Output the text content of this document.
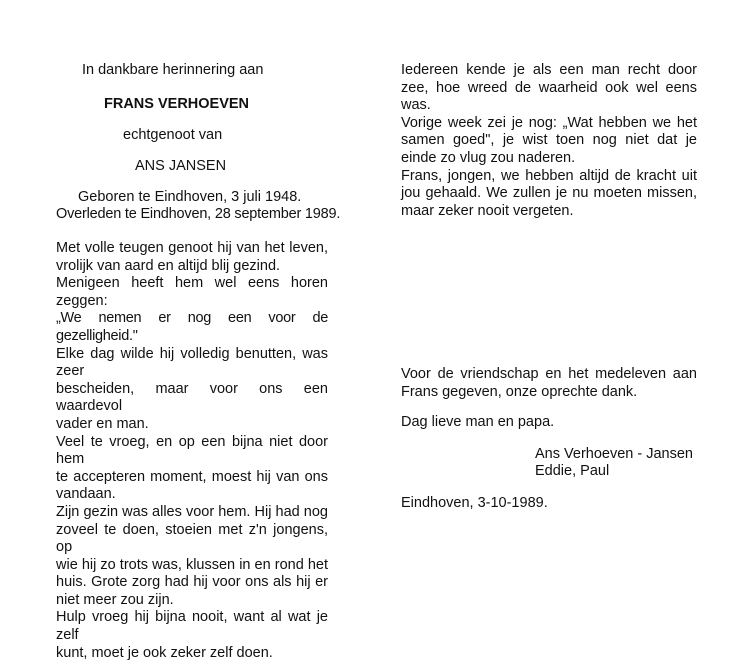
In dankbare herinnering aan
FRANS VERHOEVEN
echtgenoot van
ANS JANSEN
Geboren te Eindhoven, 3 juli 1948.
Overleden te Eindhoven, 28 september 1989.
Met volle teugen genoot hij van het leven,
vrolijk van aard en altijd blij gezind.
Menigeen heeft hem wel eens horen zeggen:
„We nemen er nog een voor de gezelligheid."
Elke dag wilde hij volledig benutten, was zeer
bescheiden, maar voor ons een waardevol
vader en man.
Veel te vroeg, en op een bijna niet door hem
te accepteren moment, moest hij van ons
vandaan.
Zijn gezin was alles voor hem. Hij had nog
zoveel te doen, stoeien met z'n jongens, op
wie hij zo trots was, klussen in en rond het
huis. Grote zorg had hij voor ons als hij er
niet meer zou zijn.
Hulp vroeg hij bijna nooit, want al wat je zelf
kunt, moet je ook zeker zelf doen.
Iedereen kende je als een man recht door
zee, hoe wreed de waarheid ook wel eens
was.
Vorige week zei je nog: „Wat hebben we het
samen goed", je wist toen nog niet dat je
einde zo vlug zou naderen.
Frans, jongen, we hebben altijd de kracht uit
jou gehaald. We zullen je nu moeten missen,
maar zeker nooit vergeten.
Voor de vriendschap en het medeleven aan
Frans gegeven, onze oprechte dank.
Dag lieve man en papa.
Ans Verhoeven - Jansen
Eddie, Paul
Eindhoven, 3-10-1989.
